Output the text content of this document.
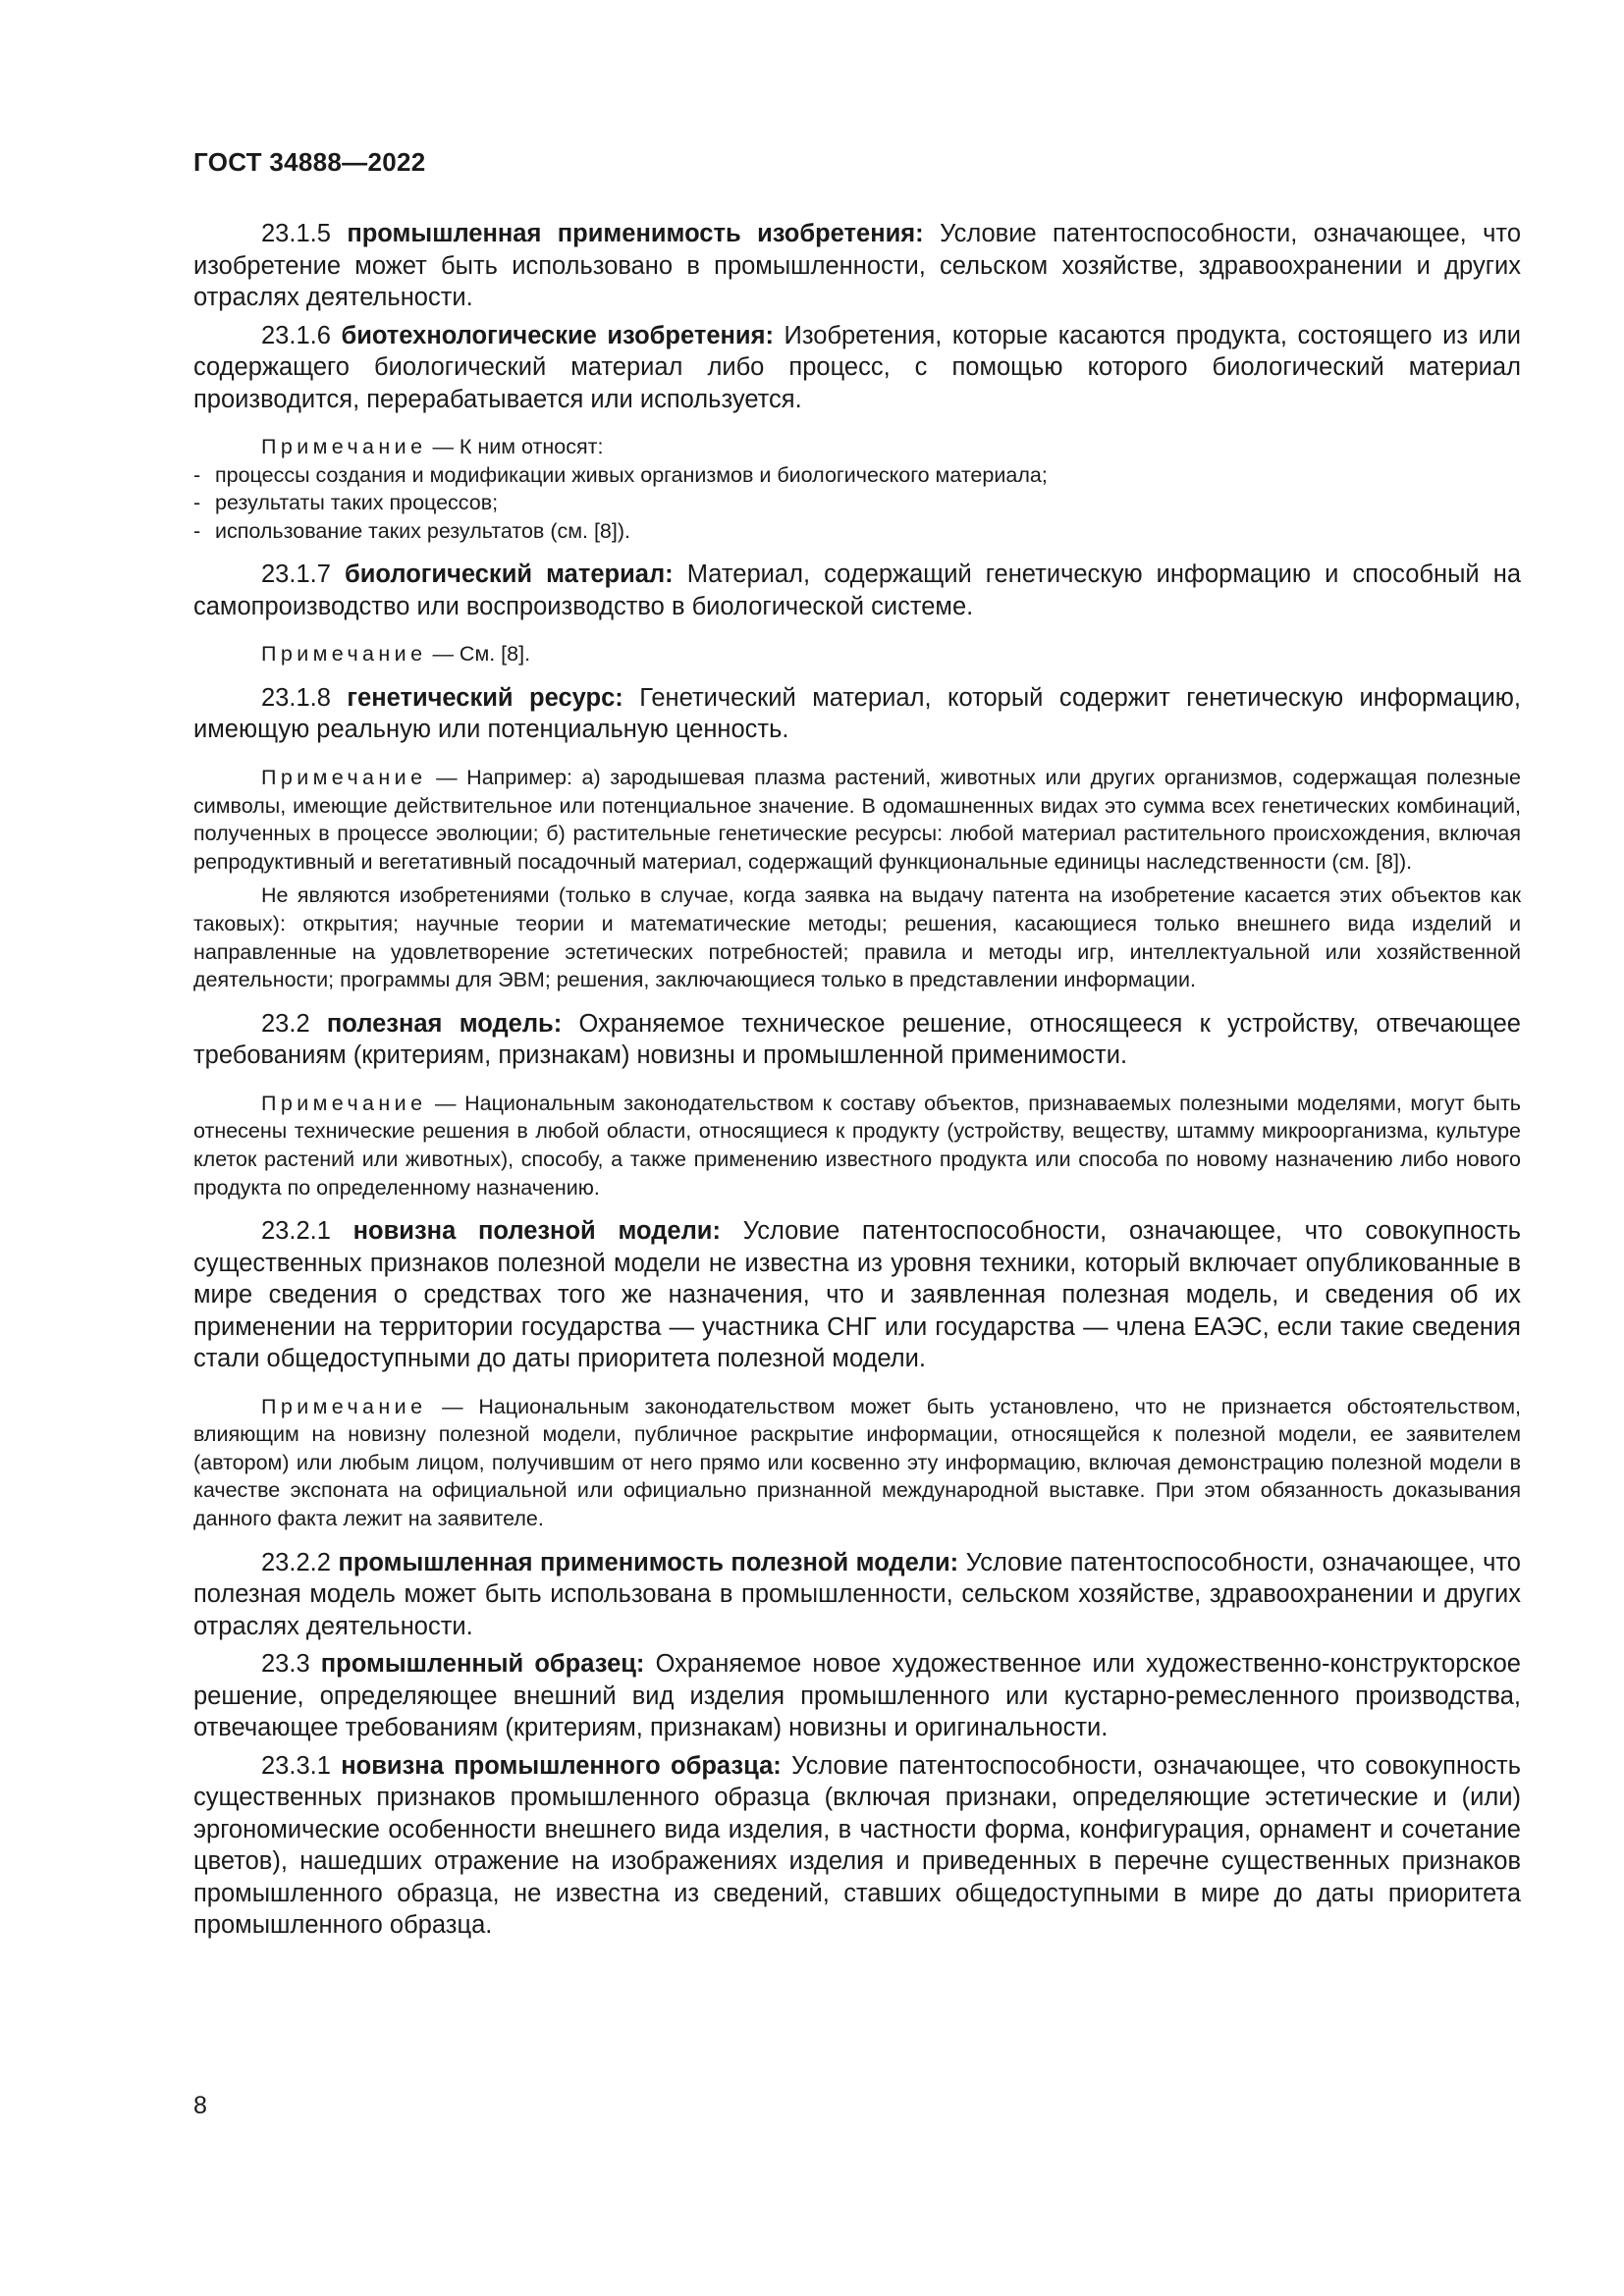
ГОСТ 34888—2022

23.1.5 промышленная применимость изобретения: Условие патентоспособности, означающее, что изобретение может быть использовано в промышленности, сельском хозяйстве, здравоохранении и других отраслях деятельности.

23.1.6 биотехнологические изобретения: Изобретения, которые касаются продукта, состоящего из или содержащего биологический материал либо процесс, с помощью которого биологический материал производится, перерабатывается или используется.

Примечание — К ним относят:

- процессы создания и модификации живых организмов и биологического материала;
- результаты таких процессов;
- использование таких результатов (см. [8]).

23.1.7 биологический материал: Материал, содержащий генетическую информацию и способный на самопроизводство или воспроизводство в биологической системе.

Примечание — См. [8].

23.1.8 генетический ресурс: Генетический материал, который содержит генетическую информацию, имеющую реальную или потенциальную ценность.

Примечание — Например: а) зародышевая плазма растений, животных или других организмов, содержащая полезные символы, имеющие действительное или потенциальное значение. В одомашненных видах это сумма всех генетических комбинаций, полученных в процессе эволюции; б) растительные генетические ресурсы: любой материал растительного происхождения, включая репродуктивный и вегетативный посадочный материал, содержащий функциональные единицы наследственности (см. [8]).

Не являются изобретениями (только в случае, когда заявка на выдачу патента на изобретение касается этих объектов как таковых): открытия; научные теории и математические методы; решения, касающиеся только внешнего вида изделий и направленные на удовлетворение эстетических потребностей; правила и методы игр, интеллектуальной или хозяйственной деятельности; программы для ЭВМ; решения, заключающиеся только в представлении информации.

23.2 полезная модель: Охраняемое техническое решение, относящееся к устройству, отвечающее требованиям (критериям, признакам) новизны и промышленной применимости.

Примечание — Национальным законодательством к составу объектов, признаваемых полезными моделями, могут быть отнесены технические решения в любой области, относящиеся к продукту (устройству, веществу, штамму микроорганизма, культуре клеток растений или животных), способу, а также применению известного продукта или способа по новому назначению либо нового продукта по определенному назначению.

23.2.1 новизна полезной модели: Условие патентоспособности, означающее, что совокупность существенных признаков полезной модели не известна из уровня техники, который включает опубликованные в мире сведения о средствах того же назначения, что и заявленная полезная модель, и сведения об их применении на территории государства — участника СНГ или государства — члена ЕАЭС, если такие сведения стали общедоступными до даты приоритета полезной модели.

Примечание — Национальным законодательством может быть установлено, что не признается обстоятельством, влияющим на новизну полезной модели, публичное раскрытие информации, относящейся к полезной модели, ее заявителем (автором) или любым лицом, получившим от него прямо или косвенно эту информацию, включая демонстрацию полезной модели в качестве экспоната на официальной или официально признанной международной выставке. При этом обязанность доказывания данного факта лежит на заявителе.

23.2.2 промышленная применимость полезной модели: Условие патентоспособности, означающее, что полезная модель может быть использована в промышленности, сельском хозяйстве, здравоохранении и других отраслях деятельности.

23.3 промышленный образец: Охраняемое новое художественное или художественно-конструкторское решение, определяющее внешний вид изделия промышленного или кустарно-ремесленного производства, отвечающее требованиям (критериям, признакам) новизны и оригинальности.

23.3.1 новизна промышленного образца: Условие патентоспособности, означающее, что совокупность существенных признаков промышленного образца (включая признаки, определяющие эстетические и (или) эргономические особенности внешнего вида изделия, в частности форма, конфигурация, орнамент и сочетание цветов), нашедших отражение на изображениях изделия и приведенных в перечне существенных признаков промышленного образца, не известна из сведений, ставших общедоступными в мире до даты приоритета промышленного образца.

8
